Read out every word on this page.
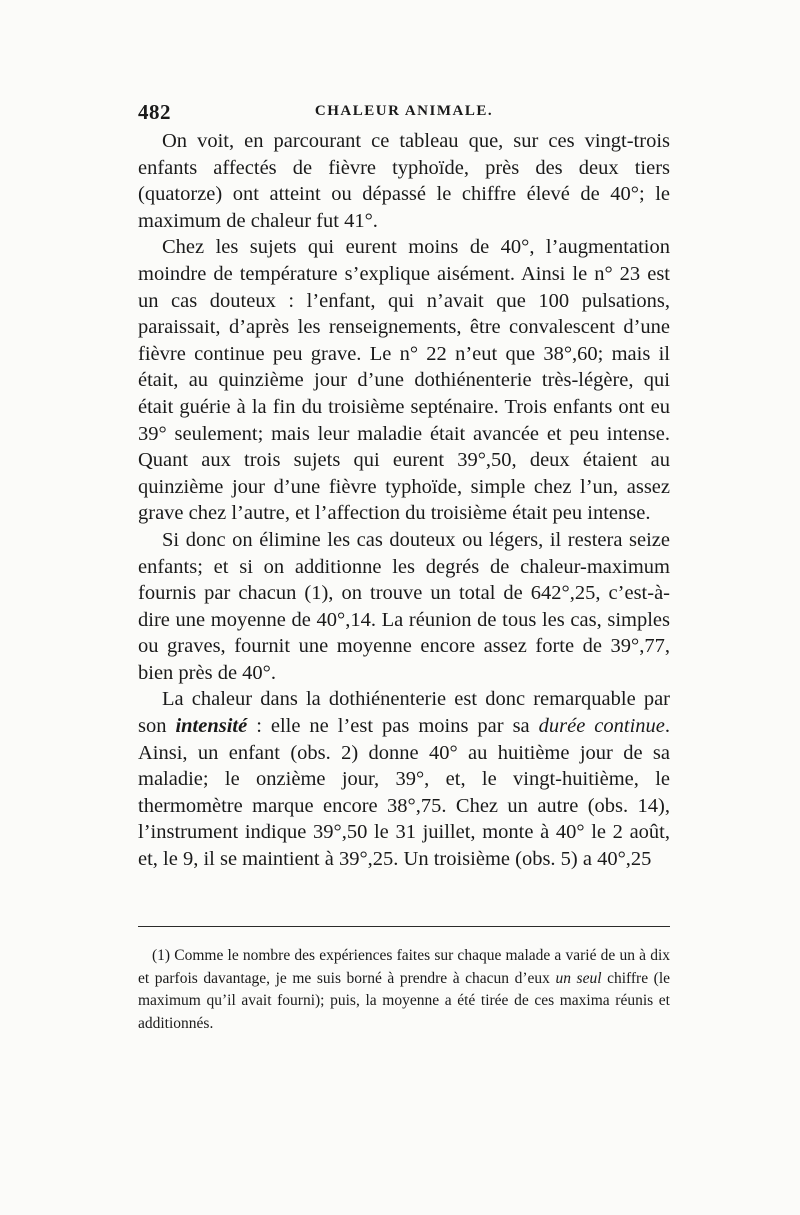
482	CHALEUR ANIMALE.

On voit, en parcourant ce tableau que, sur ces vingt-trois enfants affectés de fièvre typhoïde, près des deux tiers (quatorze) ont atteint ou dépassé le chiffre élevé de 40°; le maximum de chaleur fut 41°.

Chez les sujets qui eurent moins de 40°, l’augmentation moindre de température s’explique aisément. Ainsi le n° 23 est un cas douteux : l’enfant, qui n’avait que 100 pulsations, paraissait, d’après les renseignements, être convalescent d’une fièvre continue peu grave. Le n° 22 n’eut que 38°,60; mais il était, au quinzième jour d’une dothiénenterie très-légère, qui était guérie à la fin du troisième septénaire. Trois enfants ont eu 39° seulement; mais leur maladie était avancée et peu intense. Quant aux trois sujets qui eurent 39°,50, deux étaient au quinzième jour d’une fièvre typhoïde, simple chez l’un, assez grave chez l’autre, et l’affection du troisième était peu intense.

Si donc on élimine les cas douteux ou légers, il restera seize enfants; et si on additionne les degrés de chaleur-maximum fournis par chacun (1), on trouve un total de 642°,25, c’est-à-dire une moyenne de 40°,14. La réunion de tous les cas, simples ou graves, fournit une moyenne encore assez forte de 39°,77, bien près de 40°.

La chaleur dans la dothiénenterie est donc remarquable par son intensité : elle ne l’est pas moins par sa durée continue. Ainsi, un enfant (obs. 2) donne 40° au huitième jour de sa maladie; le onzième jour, 39°, et, le vingt-huitième, le thermomètre marque encore 38°,75. Chez un autre (obs. 14), l’instrument indique 39°,50 le 31 juillet, monte à 40° le 2 août, et, le 9, il se maintient à 39°,25. Un troisième (obs. 5) a 40°,25

(1) Comme le nombre des expériences faites sur chaque malade a varié de un à dix et parfois davantage, je me suis borné à prendre à chacun d’eux un seul chiffre (le maximum qu’il avait fourni); puis, la moyenne a été tirée de ces maxima réunis et additionnés.
